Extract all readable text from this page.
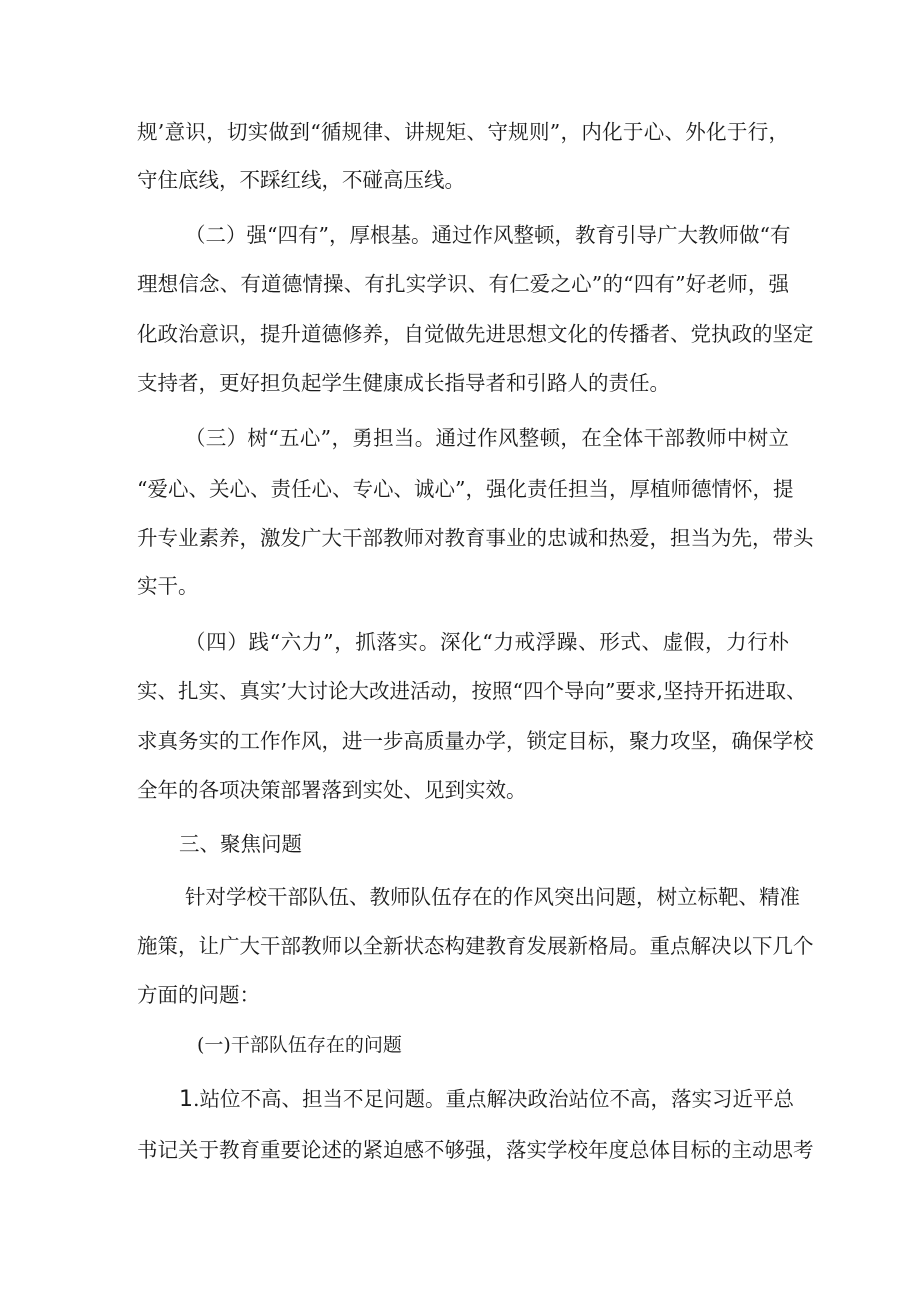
规’意识，切实做到“循规律、讲规矩、守规则”，内化于心、外化于行，

守住底线，不踩红线，不碰高压线。

（二）强“四有”，厚根基。通过作风整顿，教育引导广大教师做“有

理想信念、有道德情操、有扎实学识、有仁爱之心”的“四有”好老师，强

化政治意识，提升道德修养，自觉做先进思想文化的传播者、党执政的坚定

支持者，更好担负起学生健康成长指导者和引路人的责任。

（三）树“五心”，勇担当。通过作风整顿，在全体干部教师中树立

“爱心、关心、责任心、专心、诚心”，强化责任担当，厚植师德情怀，提

升专业素养，激发广大干部教师对教育事业的忠诚和热爱，担当为先，带头

实干。

（四）践“六力”，抓落实。深化“力戒浮躁、形式、虚假，力行朴

实、扎实、真实’大讨论大改进活动，按照“四个导向”要求,坚持开拓进取、

求真务实的工作作风，进一步高质量办学，锁定目标，聚力攻坚，确保学校

全年的各项决策部署落到实处、见到实效。

三、聚焦问题

针对学校干部队伍、教师队伍存在的作风突出问题，树立标靶、精准

施策，让广大干部教师以全新状态构建教育发展新格局。重点解决以下几个

方面的问题：

(一)干部队伍存在的问题

1.站位不高、担当不足问题。重点解决政治站位不高，落实习近平总

书记关于教育重要论述的紧迫感不够强，落实学校年度总体目标的主动思考
